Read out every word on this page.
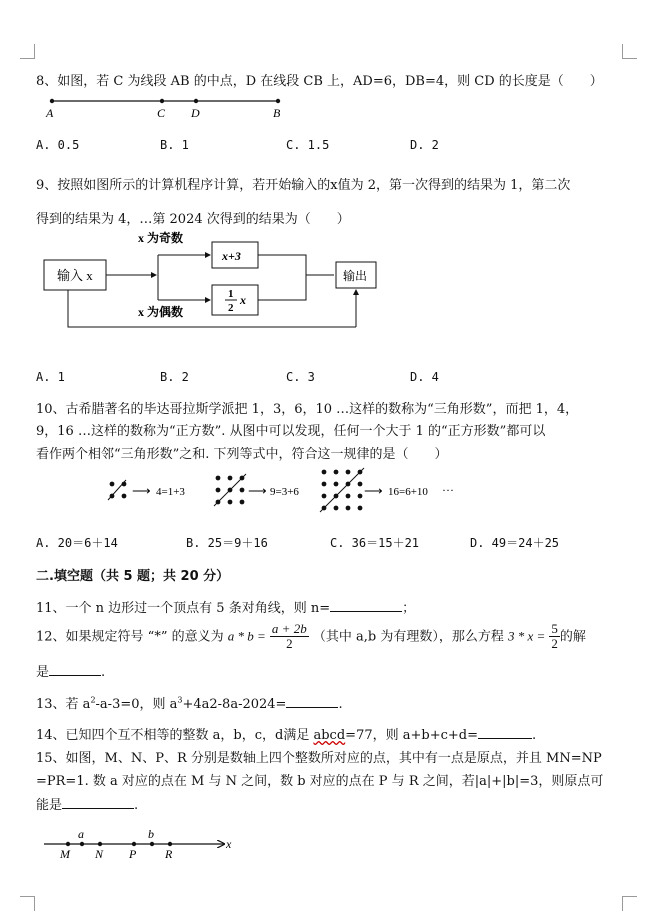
8、如图，若 C 为线段 AB 的中点，D 在线段 CB 上，AD=6，DB=4，则 CD 的长度是（　　）
A	C D	B
A. 0.5	B. 1	C. 1.5	D. 2
9、按照如图所示的计算机程序计算，若开始输入的x值为 2，第一次得到的结果为 1，第二次
得到的结果为 4，…第 2024 次得到的结果为（　　）
输入 x
x 为奇数
x 为偶数
x+3
1
2
x
输出
A. 1	B. 2	C. 3	D. 4
10、古希腊著名的毕达哥拉斯学派把 1，3，6，10 …这样的数称为“三角形数”，而把 1，4，
9，16 …这样的数称为“正方数”. 从图中可以发现，任何一个大于 1 的“正方形数”都可以
看作两个相邻“三角形数”之和. 下列等式中，符合这一规律的是（　　）
⟶ 4=1+3	⟶ 9=3+6	⟶ 16=6+10 ···
A. 20＝6＋14	B. 25＝9＋16	C. 36＝15＋21	D. 49＝24＋25
二.填空题（共 5 题；共 20 分）
11、一个 n 边形过一个顶点有 5 条对角线，则 n=	；
12、如果规定符号 “*” 的意义为 $a * b = \frac{a + 2b}{2}$ （其中 a,b 为有理数），那么方程 $3 * x = \frac{5}{2}$ 的解
是	.
13、若 $a^2-a-3=0$，则 $a^3+4a2-8a-2024=$	.
14、已知四个互不相等的整数 a，b，c，d满足 abcd=77，则 a+b+c+d=	.
15、如图，M、N、P、R 分别是数轴上四个整数所对应的点，其中有一点是原点，并且 MN=NP
=PR=1. 数 a 对应的点在 M 与 N 之间，数 b 对应的点在 P 与 R 之间，若|a|+|b|=3，则原点可
能是	.
x
M N P R
a	b
